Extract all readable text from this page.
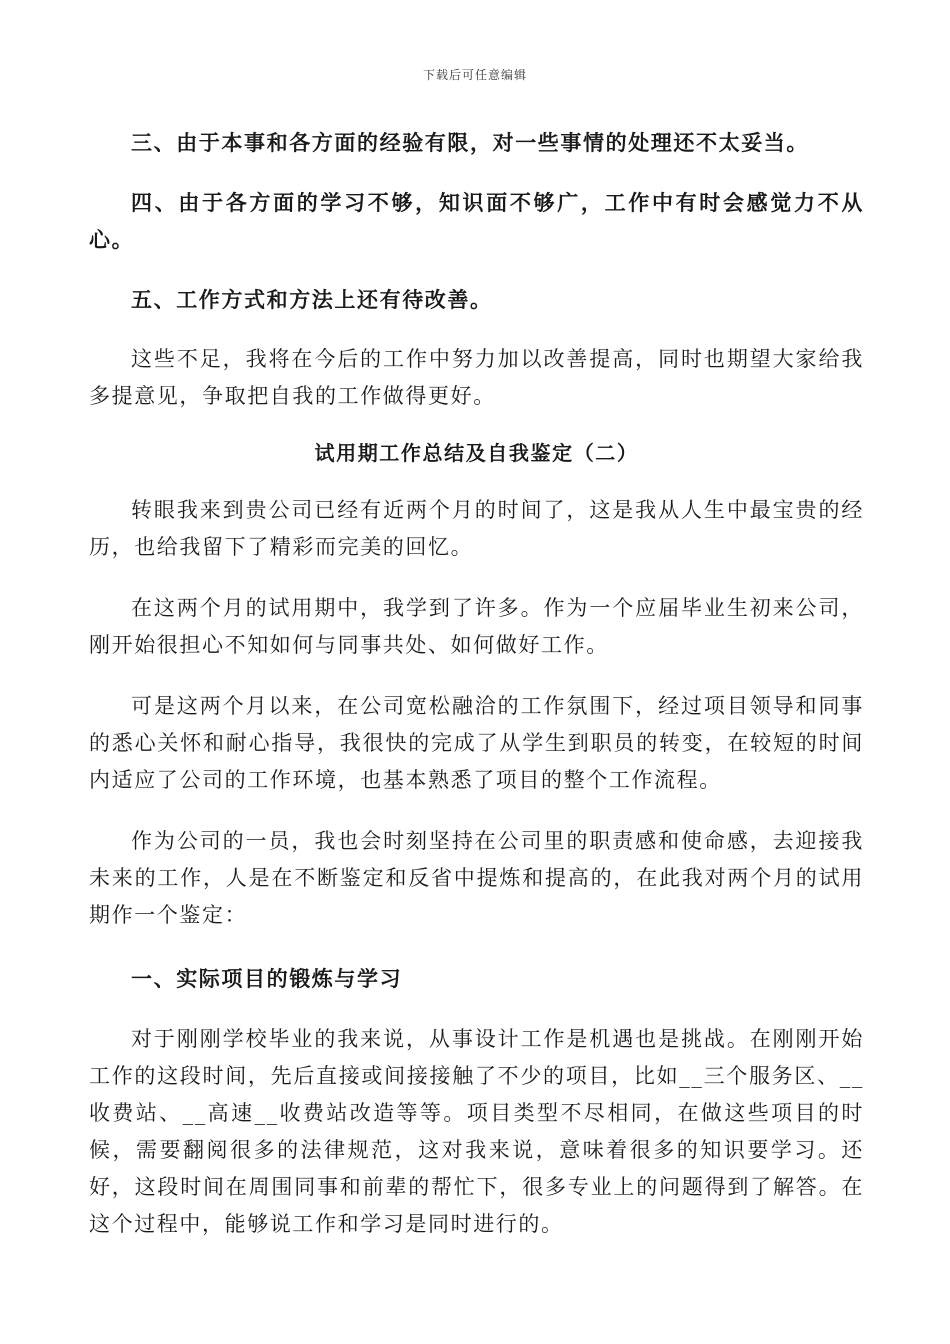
下载后可任意编辑

三、由于本事和各方面的经验有限，对一些事情的处理还不太妥当。

四、由于各方面的学习不够，知识面不够广，工作中有时会感觉力不从心。

五、工作方式和方法上还有待改善。

这些不足，我将在今后的工作中努力加以改善提高，同时也期望大家给我多提意见，争取把自我的工作做得更好。

试用期工作总结及自我鉴定（二）

转眼我来到贵公司已经有近两个月的时间了，这是我从人生中最宝贵的经历，也给我留下了精彩而完美的回忆。

在这两个月的试用期中，我学到了许多。作为一个应届毕业生初来公司，刚开始很担心不知如何与同事共处、如何做好工作。

可是这两个月以来，在公司宽松融洽的工作氛围下，经过项目领导和同事的悉心关怀和耐心指导，我很快的完成了从学生到职员的转变，在较短的时间内适应了公司的工作环境，也基本熟悉了项目的整个工作流程。

作为公司的一员，我也会时刻坚持在公司里的职责感和使命感，去迎接我未来的工作，人是在不断鉴定和反省中提炼和提高的，在此我对两个月的试用期作一个鉴定：

一、实际项目的锻炼与学习

对于刚刚学校毕业的我来说，从事设计工作是机遇也是挑战。在刚刚开始工作的这段时间，先后直接或间接接触了不少的项目，比如__三个服务区、__收费站、__高速__收费站改造等等。项目类型不尽相同，在做这些项目的时候，需要翻阅很多的法律规范，这对我来说，意味着很多的知识要学习。还好，这段时间在周围同事和前辈的帮忙下，很多专业上的问题得到了解答。在这个过程中，能够说工作和学习是同时进行的。
